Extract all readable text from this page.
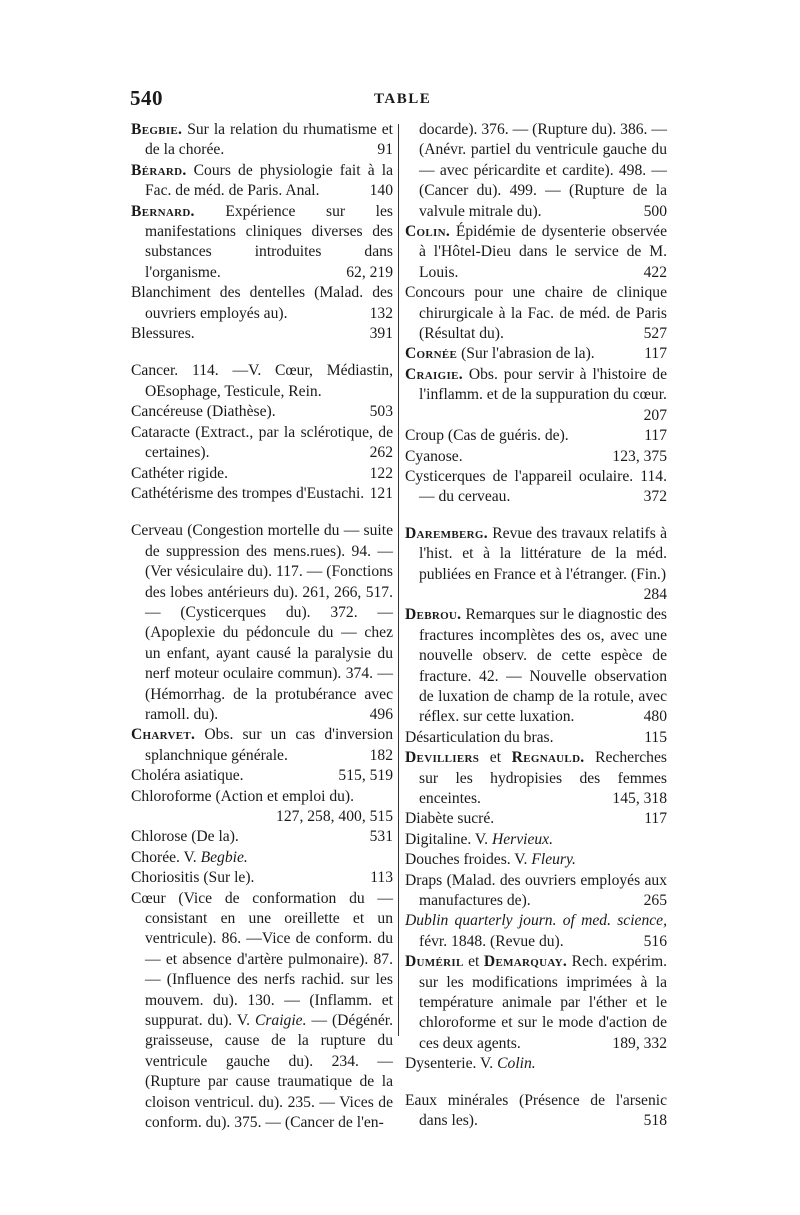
540	TABLE

Begbie. Sur la relation du rhumatisme et de la chorée.	91

Bérard. Cours de physiologie fait à la Fac. de méd. de Paris. Anal.	140

Bernard. Expérience sur les manifestations cliniques diverses des substances introduites dans l'organisme.	62, 219

Blanchiment des dentelles (Malad. des ouvriers employés au).	132

Blessures.	391

Cancer. 114. —V. Cœur, Médiastin, OEsophage, Testicule, Rein.

Cancéreuse (Diathèse).	503

Cataracte (Extract., par la sclérotique, de certaines).	262

Cathéter rigide.	122

Cathétérisme des trompes d'Eustachi. 121

Cerveau (Congestion mortelle du — suite de suppression des mens.rues). 94. — (Ver vésiculaire du). 117. — (Fonctions des lobes antérieurs du). 261, 266, 517. — (Cysticerques du). 372. — (Apoplexie du pédoncule du — chez un enfant, ayant causé la paralysie du nerf moteur oculaire commun). 374. — (Hémorrhag. de la protubérance avec ramoll. du).	496

Charvet. Obs. sur un cas d'inversion splanchnique générale.	182

Choléra asiatique.	515, 519

Chloroforme (Action et emploi du).
127, 258, 400, 515

Chlorose (De la).	531

Chorée. V. Begbie.

Choriositis (Sur le).	113

Cœur (Vice de conformation du — consistant en une oreillette et un ventricule). 86. —Vice de conform. du — et absence d'artère pulmonaire). 87. — (Influence des nerfs rachid. sur les mouvem. du). 130. — (Inflamm. et suppurat. du). V. Craigie. — (Dégénér. graisseuse, cause de la rupture du ventricule gauche du). 234. — (Rupture par cause traumatique de la cloison ventricul. du). 235. — Vices de conform. du). 375. — (Cancer de l'en-

docarde). 376. — (Rupture du). 386. — (Anévr. partiel du ventricule gauche du — avec péricardite et cardite). 498. — (Cancer du). 499. — (Rupture de la valvule mitrale du).	500

Colin. Épidémie de dysenterie observée à l'Hôtel-Dieu dans le service de M. Louis.	422

Concours pour une chaire de clinique chirurgicale à la Fac. de méd. de Paris (Résultat du).	527

Cornée (Sur l'abrasion de la).	117

Craigie. Obs. pour servir à l'histoire de l'inflamm. et de la suppuration du cœur.
207

Croup (Cas de guéris. de).	117

Cyanose.	123, 375

Cysticerques de l'appareil oculaire. 114. — du cerveau.	372

Daremberg. Revue des travaux relatifs à l'hist. et à la littérature de la méd. publiées en France et à l'étranger. (Fin.)
284

Debrou. Remarques sur le diagnostic des fractures incomplètes des os, avec une nouvelle observ. de cette espèce de fracture. 42. — Nouvelle observation de luxation de champ de la rotule, avec réflex. sur cette luxation.	480

Désarticulation du bras.	115

Devilliers et Regnauld. Recherches sur les hydropisies des femmes enceintes.	145, 318

Diabète sucré.	117

Digitaline. V. Hervieux.

Douches froides. V. Fleury.

Draps (Malad. des ouvriers employés aux manufactures de).	265

Dublin quarterly journ. of med. science, févr. 1848. (Revue du).	516

Duméril et Demarquay. Rech. expérim. sur les modifications imprimées à la température animale par l'éther et le chloroforme et sur le mode d'action de ces deux agents.	189, 332

Dysenterie. V. Colin.

Eaux minérales (Présence de l'arsenic dans les).	518
